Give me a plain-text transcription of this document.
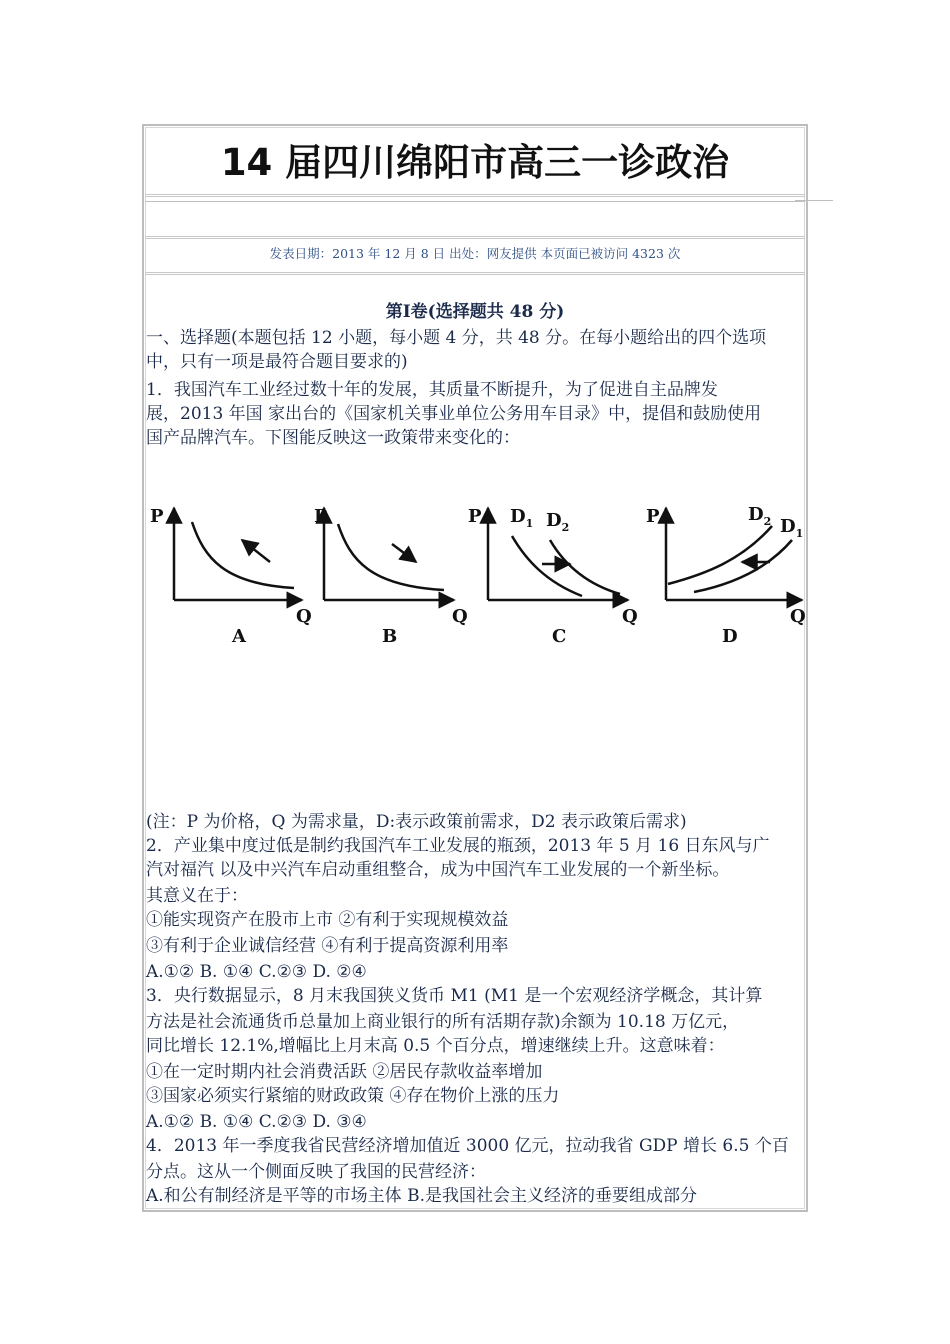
14 届四川绵阳市高三一诊政治
发表日期：2013 年 12 月 8 日 出处：网友提供 本页面已被访问 4323 次
第Ⅰ卷(选择题共 48 分)
一、选择题(本题包括 12 小题，每小题 4 分，共 48 分。在每小题给出的四个选项
中，只有一项是最符合题目要求的)
1．我国汽车工业经过数十年的发展，其质量不断提升，为了促进自主品牌发
展，2013 年国 家出台的《国家机关事业单位公务用车目录》中，提倡和鼓励使用
国产品牌汽车。下图能反映这一政策带来变化的：
P
Q
A
P
Q
B
P
Q
$D_1$ $D_2$
C
P
Q
$D_2$ $D_1$
D
(注：P 为价格，Q 为需求量，D:表示政策前需求，D2 表示政策后需求)
2．产业集中度过低是制约我国汽车工业发展的瓶颈，2013 年 5 月 16 日东风与广
汽对福汽 以及中兴汽车启动重组整合，成为中国汽车工业发展的一个新坐标。
其意义在于：
①能实现资产在股市上市 ②有利于实现规模效益
③有利于企业诚信经营 ④有利于提高资源利用率
A.①② B. ①④ C.②③ D. ②④
3．央行数据显示，8 月末我国狭义货币 M1 (M1 是一个宏观经济学概念，其计算
方法是社会流通货币总量加上商业银行的所有活期存款)余额为 10.18 万亿元，
同比增长 12.1%,增幅比上月末高 0.5 个百分点，增速继续上升。这意味着：
①在一定时期内社会消费活跃 ②居民存款收益率增加
③国家必须实行紧缩的财政政策 ④存在物价上涨的压力
A.①② B. ①④ C.②③ D. ③④
4．2013 年一季度我省民营经济增加值近 3000 亿元，拉动我省 GDP 增长 6.5 个百
分点。这从一个侧面反映了我国的民营经济：
A.和公有制经济是平等的市场主体 B.是我国社会主义经济的垂要组成部分
